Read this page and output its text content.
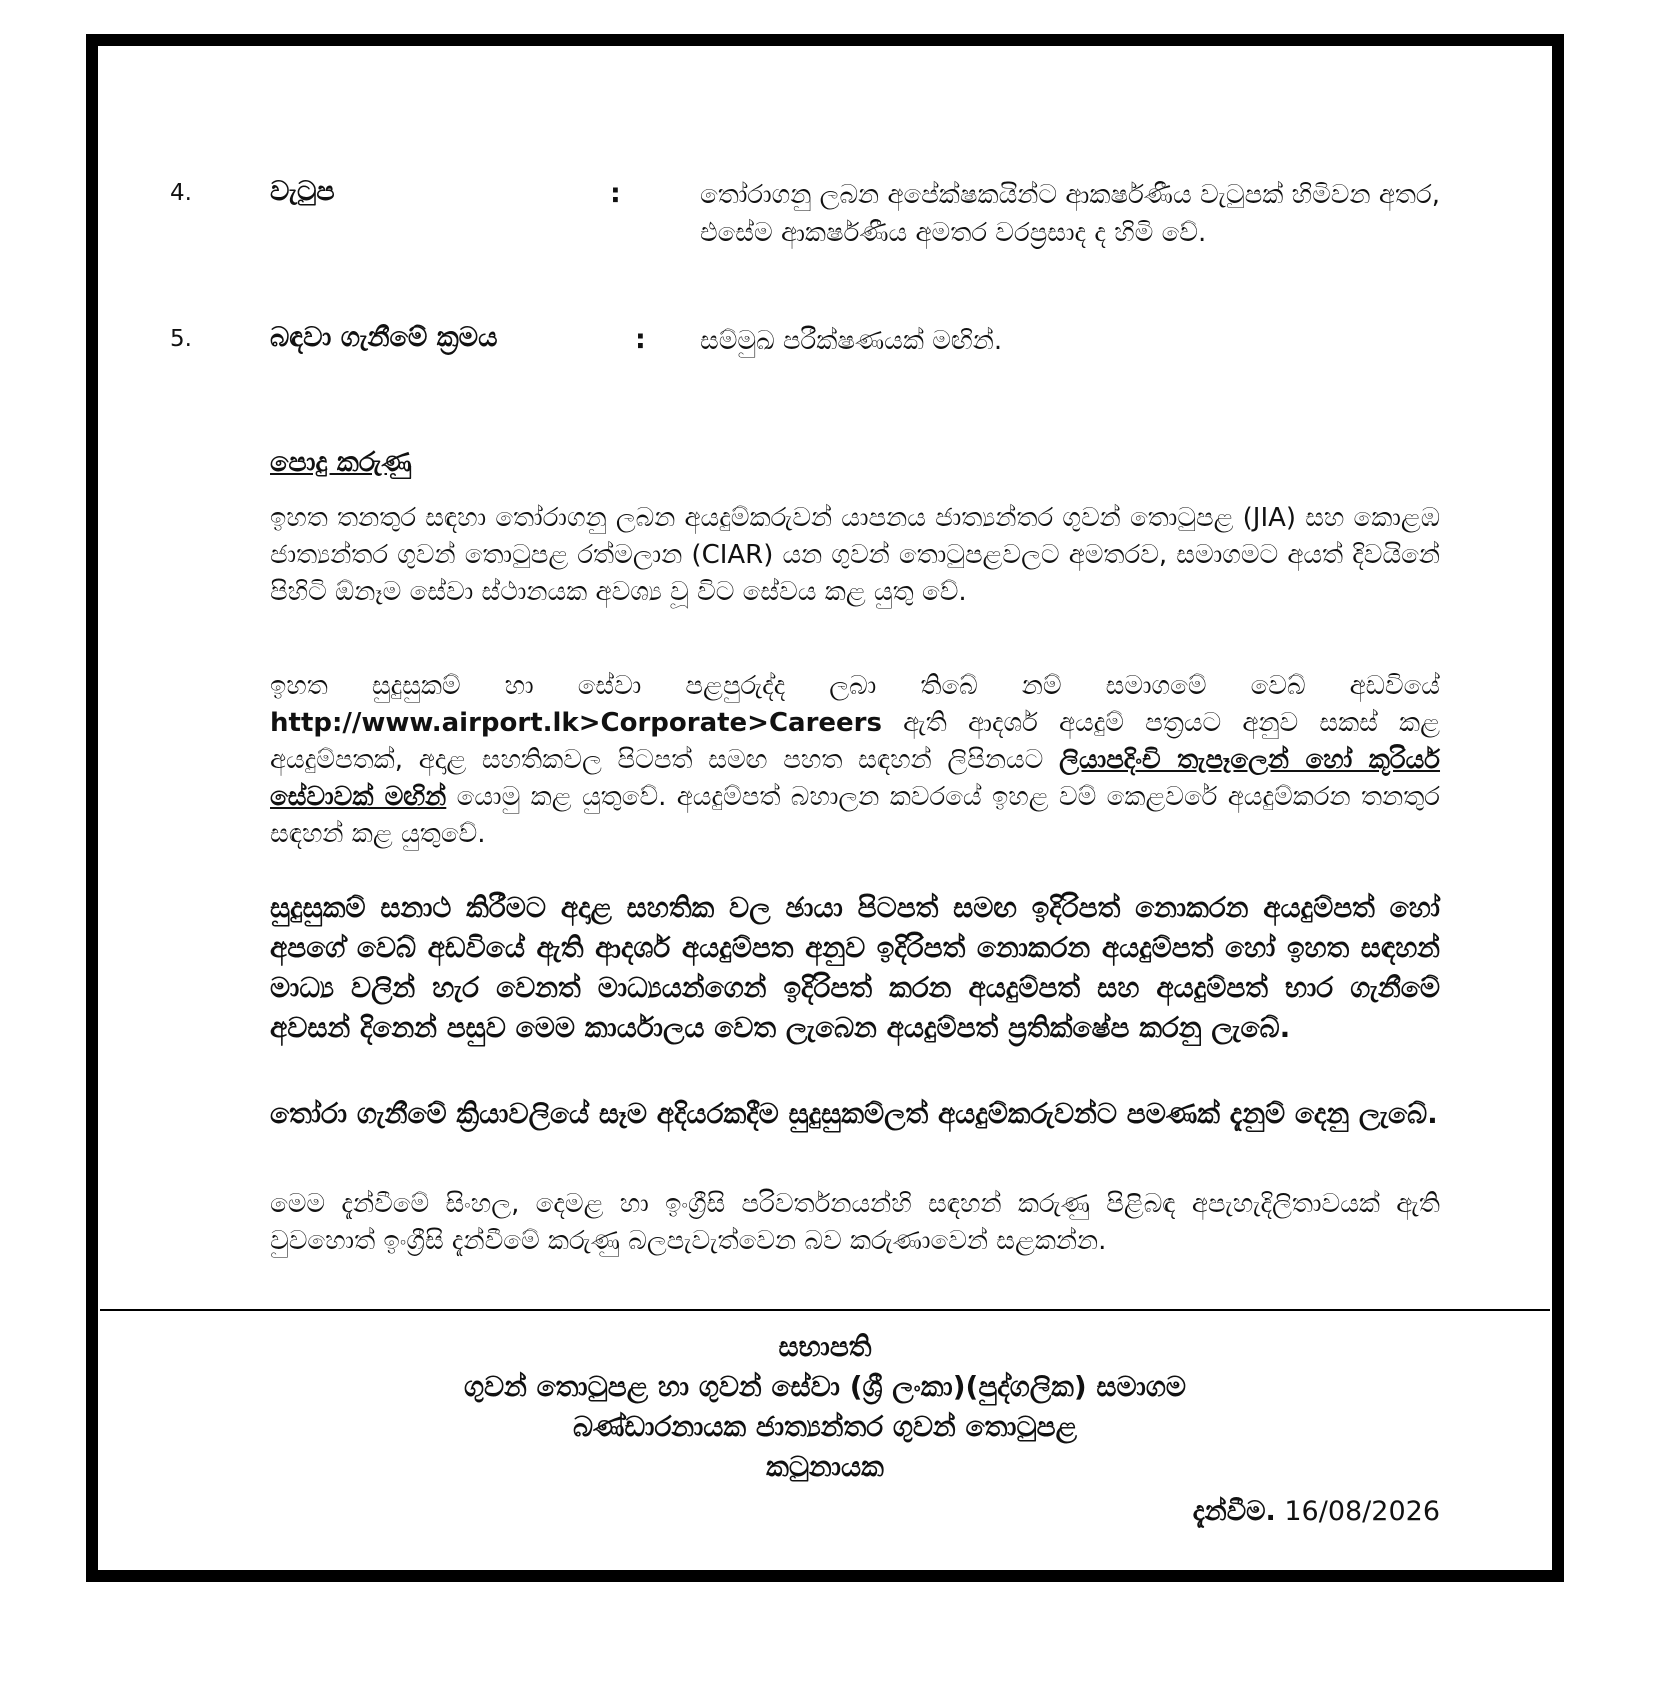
4.	වැටුප	:	තෝරාගනු ලබන අපේක්ෂකයින්ට ආකර්ෂණීය වැටුපක් හිමිවන අතර, එසේම ආකර්ෂණීය අමතර වරප්‍රසාද ද හිමි වේ.
5.	බඳවා ගැනීමේ ක්‍රමය	: සම්මුඛ පරීක්ෂණයක් මඟින්.
පොදු කරුණු
ඉහත තනතුර සඳහා තෝරාගනු ලබන අයදුම්කරුවන් යාපනය ජාත්‍යන්තර ගුවන් තොටුපළ (JIA) සහ කොළඹ ජාත්‍යන්තර ගුවන් තොටුපළ රත්මලාන (CIAR) යන ගුවන් තොටුපළවලට අමතරව, සමාගමට අයත් දිවයිනේ පිහිටි ඕනෑම සේවා ස්ථානයක අවශ්‍ය වූ විට සේවය කළ යුතු වේ.
ඉහත සුදුසුකම් හා සේවා පළපුරුද්ද ලබා තිබේ නම් සමාගමේ වෙබ් අඩවියේ http://www.airport.lk>Corporate>Careers ඇති ආදර්ශ අයදුම් පත්‍රයට අනුව සකස් කළ අයදුම්පතක්, අදාළ සහතිකවල පිටපත් සමඟ පහත සඳහන් ලිපිනයට ලියාපදිංචි තැපෑලෙන් හෝ කූරියර් සේවාවක් මඟින් යොමු කළ යුතුවේ. අයදුම්පත් බහාලන කවරයේ ඉහළ වම් කෙළවරේ අයදුම්කරන තනතුර සඳහන් කළ යුතුවේ.
සුදුසුකම් සනාථ කිරීමට අදාළ සහතික වල ඡායා පිටපත් සමඟ ඉදිරිපත් නොකරන අයදුම්පත් හෝ අපගේ වෙබ් අඩවියේ ඇති ආදර්ශ අයදුම්පත අනුව ඉදිරිපත් නොකරන අයදුම්පත් හෝ ඉහත සඳහන් මාධ්‍ය වලින් හැර වෙනත් මාධ්‍යයන්ගෙන් ඉදිරිපත් කරන අයදුම්පත් සහ අයදුම්පත් භාර ගැනීමේ අවසන් දිනෙන් පසුව මෙම කාර්යාලය වෙත ලැබෙන අයදුම්පත් ප්‍රතික්ෂේප කරනු ලැබේ.
තෝරා ගැනීමේ ක්‍රියාවලියේ සෑම අදියරකදීම සුදුසුකම්ලත් අයදුම්කරුවන්ට පමණක් දැනුම් දෙනු ලැබේ.
මෙම දැන්වීමේ සිංහල, දෙමළ හා ඉංග්‍රීසි පරිවර්තනයන්හි සඳහන් කරුණු පිළිබඳ අපැහැදිලිතාවයක් ඇති වුවහොත් ඉංග්‍රීසි දැන්වීමේ කරුණු බලපැවැත්වෙන බව කරුණාවෙන් සළකන්න.
සභාපති
ගුවන් තොටුපළ හා ගුවන් සේවා (ශ්‍රී ලංකා)(පුද්ගලික) සමාගම
බණ්ඩාරනායක ජාත්‍යන්තර ගුවන් තොටුපළ
කටුනායක
දැන්වීම. 16/08/2026
